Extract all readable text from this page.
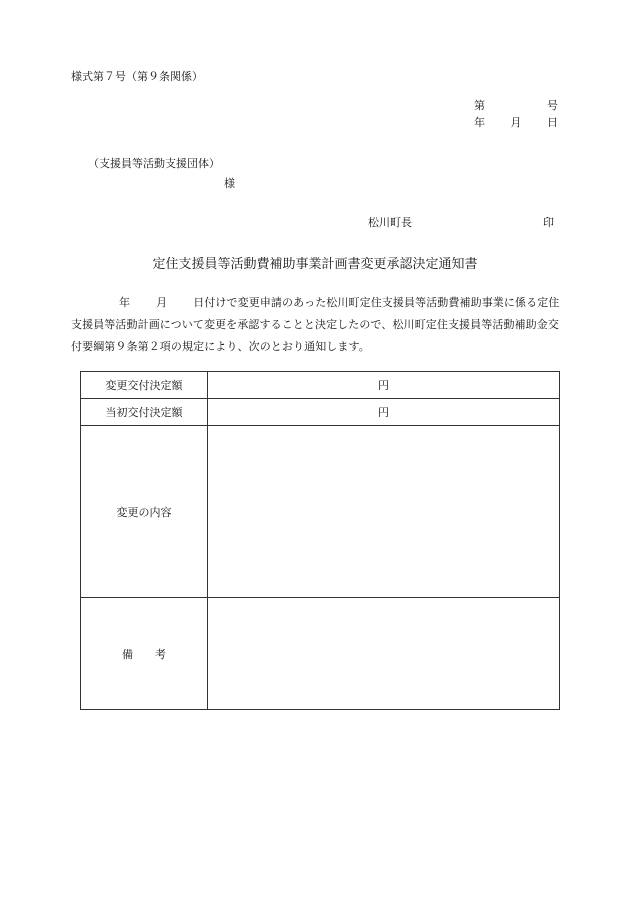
様式第７号（第９条関係）
第	号
年 月 日
（支援員等活動支援団体）
様
松川町長	印
定住支援員等活動費補助事業計画書変更承認決定通知書
年 月 日付けで変更申請のあった松川町定住支援員等活動費補助事業に係る定住支援員等活動計画について変更を承認することと決定したので、松川町定住支援員等活動補助金交付要綱第９条第２項の規定により、次のとおり通知します。
変更交付決定額	円
当初交付決定額	円
変更の内容	
備　　考	
